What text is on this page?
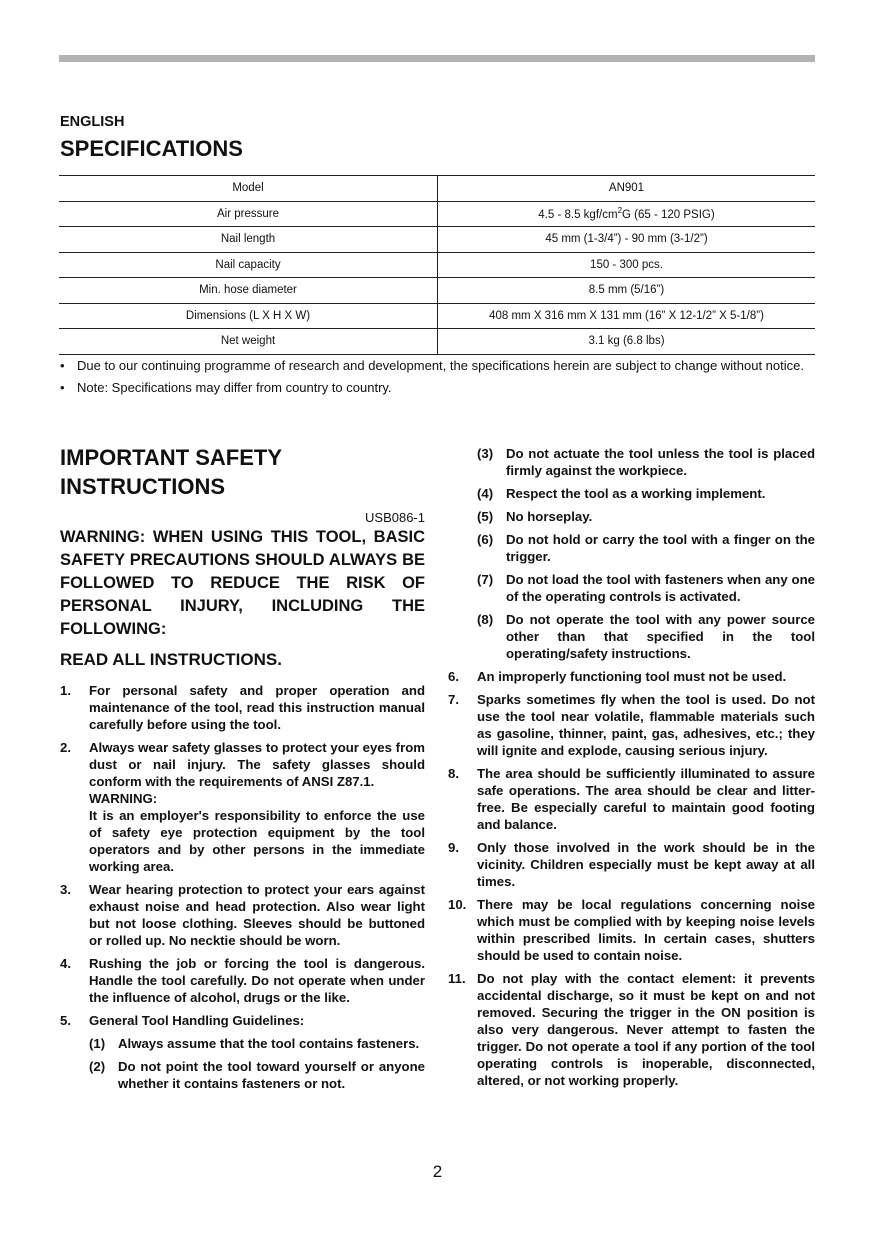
ENGLISH
SPECIFICATIONS
Model	AN901
Air pressure	4.5 - 8.5 kgf/$cm^2G$ (65 - 120 PSIG)
Nail length	45 mm (1-3/4”) - 90 mm (3-1/2”)
Nail capacity	150 - 300 pcs.
Min. hose diameter	8.5 mm (5/16”)
Dimensions (L X H X W)	408 mm X 316 mm X 131 mm (16” X 12-1/2” X 5-1/8”)
Net weight	3.1 kg (6.8 lbs)
• Due to our continuing programme of research and development, the specifications herein are subject to change without notice.
• Note: Specifications may differ from country to country.
IMPORTANT SAFETY INSTRUCTIONS
USB086-1
WARNING: WHEN USING THIS TOOL, BASIC SAFETY PRECAUTIONS SHOULD ALWAYS BE FOLLOWED TO REDUCE THE RISK OF PERSONAL INJURY, INCLUDING THE FOLLOWING:
READ ALL INSTRUCTIONS.
1. For personal safety and proper operation and maintenance of the tool, read this instruction manual carefully before using the tool.
2. Always wear safety glasses to protect your eyes from dust or nail injury. The safety glasses should conform with the requirements of ANSI Z87.1.
WARNING:
It is an employer's responsibility to enforce the use of safety eye protection equipment by the tool operators and by other persons in the immediate working area.
3. Wear hearing protection to protect your ears against exhaust noise and head protection. Also wear light but not loose clothing. Sleeves should be buttoned or rolled up. No necktie should be worn.
4. Rushing the job or forcing the tool is dangerous. Handle the tool carefully. Do not operate when under the influence of alcohol, drugs or the like.
5. General Tool Handling Guidelines:
(1) Always assume that the tool contains fasteners.
(2) Do not point the tool toward yourself or anyone whether it contains fasteners or not.
(3) Do not actuate the tool unless the tool is placed firmly against the workpiece.
(4) Respect the tool as a working implement.
(5) No horseplay.
(6) Do not hold or carry the tool with a finger on the trigger.
(7) Do not load the tool with fasteners when any one of the operating controls is activated.
(8) Do not operate the tool with any power source other than that specified in the tool operating/safety instructions.
6. An improperly functioning tool must not be used.
7. Sparks sometimes fly when the tool is used. Do not use the tool near volatile, flammable materials such as gasoline, thinner, paint, gas, adhesives, etc.; they will ignite and explode, causing serious injury.
8. The area should be sufficiently illuminated to assure safe operations. The area should be clear and litter-free. Be especially careful to maintain good footing and balance.
9. Only those involved in the work should be in the vicinity. Children especially must be kept away at all times.
10. There may be local regulations concerning noise which must be complied with by keeping noise levels within prescribed limits. In certain cases, shutters should be used to contain noise.
11. Do not play with the contact element: it prevents accidental discharge, so it must be kept on and not removed. Securing the trigger in the ON position is also very dangerous. Never attempt to fasten the trigger. Do not operate a tool if any portion of the tool operating controls is inoperable, disconnected, altered, or not working properly.
2
